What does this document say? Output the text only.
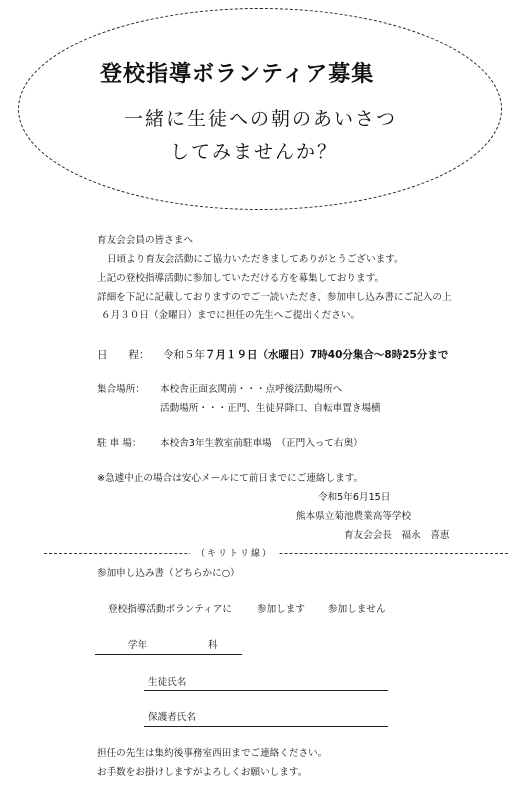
登校指導ボランティア募集
一緒に生徒への朝のあいさつ
してみませんか？
育友会会員の皆さまへ
日頃より育友会活動にご協力いただきましてありがとうございます。
上記の登校指導活動に参加していただける方を募集しております。
詳細を下記に記載しておりますのでご一読いただき、参加申し込み書にご記入の上
６月３０日（金曜日）までに担任の先生へご提出ください。
日　　程： 令和５年７月１９日（水曜日）7時40分集合～8時25分まで
集合場所： 本校舎正面玄関前・・・点呼後活動場所へ
活動場所・・・正門、生徒昇降口、自転車置き場横
駐 車 場： 本校舎3年生教室前駐車場　（正門入って右奥）
※急遽中止の場合は安心メールにて前日までにご連絡します。
令和5年6月15日
熊本県立菊池農業高等学校
育友会会長　福永　喜恵
（キリトリ線）
参加申し込み書（どちらかに○）
登校指導活動ボランティアに	参加します 参加しません
学年	科
生徒氏名
保護者氏名
担任の先生は集約後事務室西田までご連絡ください。
お手数をお掛けしますがよろしくお願いします。
